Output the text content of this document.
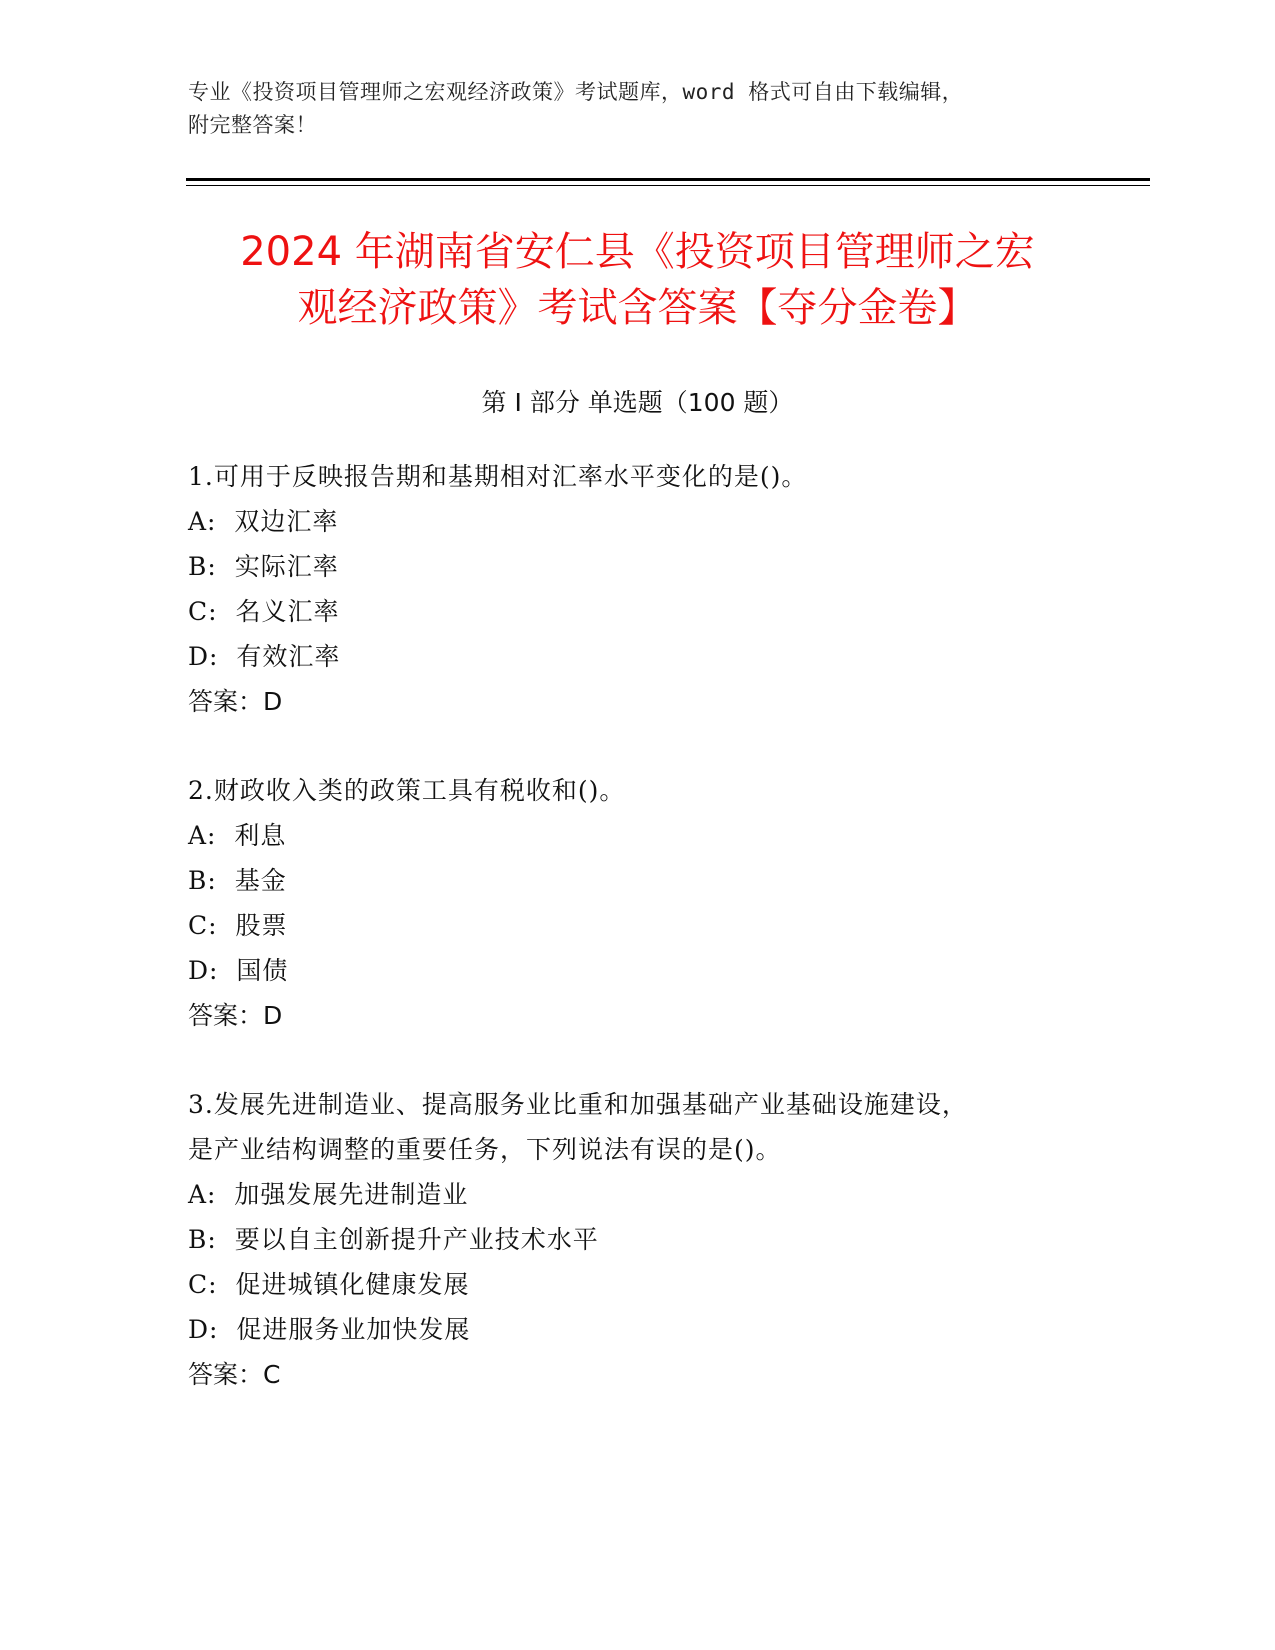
专业《投资项目管理师之宏观经济政策》考试题库，word 格式可自由下载编辑，
附完整答案！
2024 年湖南省安仁县《投资项目管理师之宏
观经济政策》考试含答案【夺分金卷】
第 I 部分 单选题（100 题）
1.可用于反映报告期和基期相对汇率水平变化的是()。
A:  双边汇率
B:  实际汇率
C:  名义汇率
D:  有效汇率
答案：D
2.财政收入类的政策工具有税收和()。
A:  利息
B:  基金
C:  股票
D:  国债
答案：D
3.发展先进制造业、提高服务业比重和加强基础产业基础设施建设，
是产业结构调整的重要任务，下列说法有误的是()。
A:  加强发展先进制造业
B:  要以自主创新提升产业技术水平
C:  促进城镇化健康发展
D:  促进服务业加快发展
答案：C
